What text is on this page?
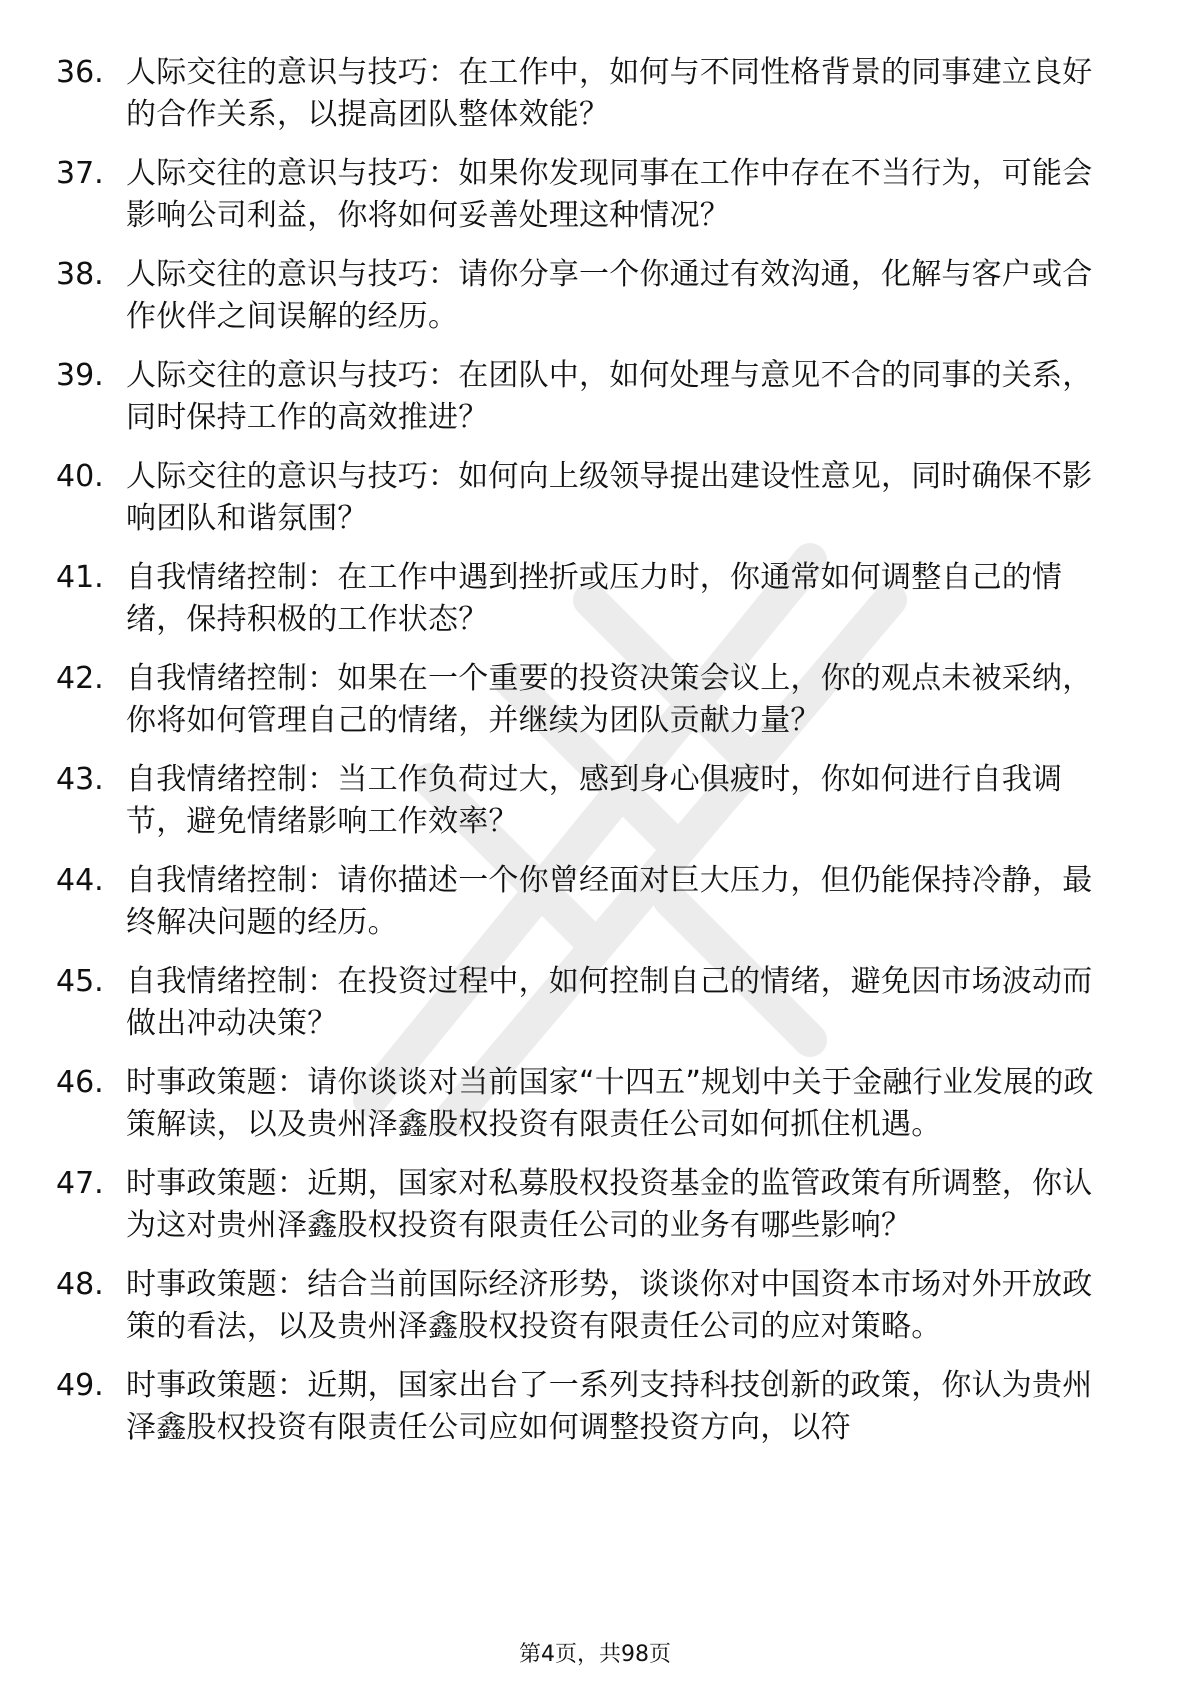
36. 人际交往的意识与技巧：在工作中，如何与不同性格背景的同事建立良好的合作关系，以提高团队整体效能？
37. 人际交往的意识与技巧：如果你发现同事在工作中存在不当行为，可能会影响公司利益，你将如何妥善处理这种情况？
38. 人际交往的意识与技巧：请你分享一个你通过有效沟通，化解与客户或合作伙伴之间误解的经历。
39. 人际交往的意识与技巧：在团队中，如何处理与意见不合的同事的关系，同时保持工作的高效推进？
40. 人际交往的意识与技巧：如何向上级领导提出建设性意见，同时确保不影响团队和谐氛围？
41. 自我情绪控制：在工作中遇到挫折或压力时，你通常如何调整自己的情绪，保持积极的工作状态？
42. 自我情绪控制：如果在一个重要的投资决策会议上，你的观点未被采纳，你将如何管理自己的情绪，并继续为团队贡献力量？
43. 自我情绪控制：当工作负荷过大，感到身心俱疲时，你如何进行自我调节，避免情绪影响工作效率？
44. 自我情绪控制：请你描述一个你曾经面对巨大压力，但仍能保持冷静，最终解决问题的经历。
45. 自我情绪控制：在投资过程中，如何控制自己的情绪，避免因市场波动而做出冲动决策？
46. 时事政策题：请你谈谈对当前国家“十四五”规划中关于金融行业发展的政策解读，以及贵州泽鑫股权投资有限责任公司如何抓住机遇。
47. 时事政策题：近期，国家对私募股权投资基金的监管政策有所调整，你认为这对贵州泽鑫股权投资有限责任公司的业务有哪些影响？
48. 时事政策题：结合当前国际经济形势，谈谈你对中国资本市场对外开放政策的看法，以及贵州泽鑫股权投资有限责任公司的应对策略。
49. 时事政策题：近期，国家出台了一系列支持科技创新的政策，你认为贵州泽鑫股权投资有限责任公司应如何调整投资方向，以符
第4页，共98页
